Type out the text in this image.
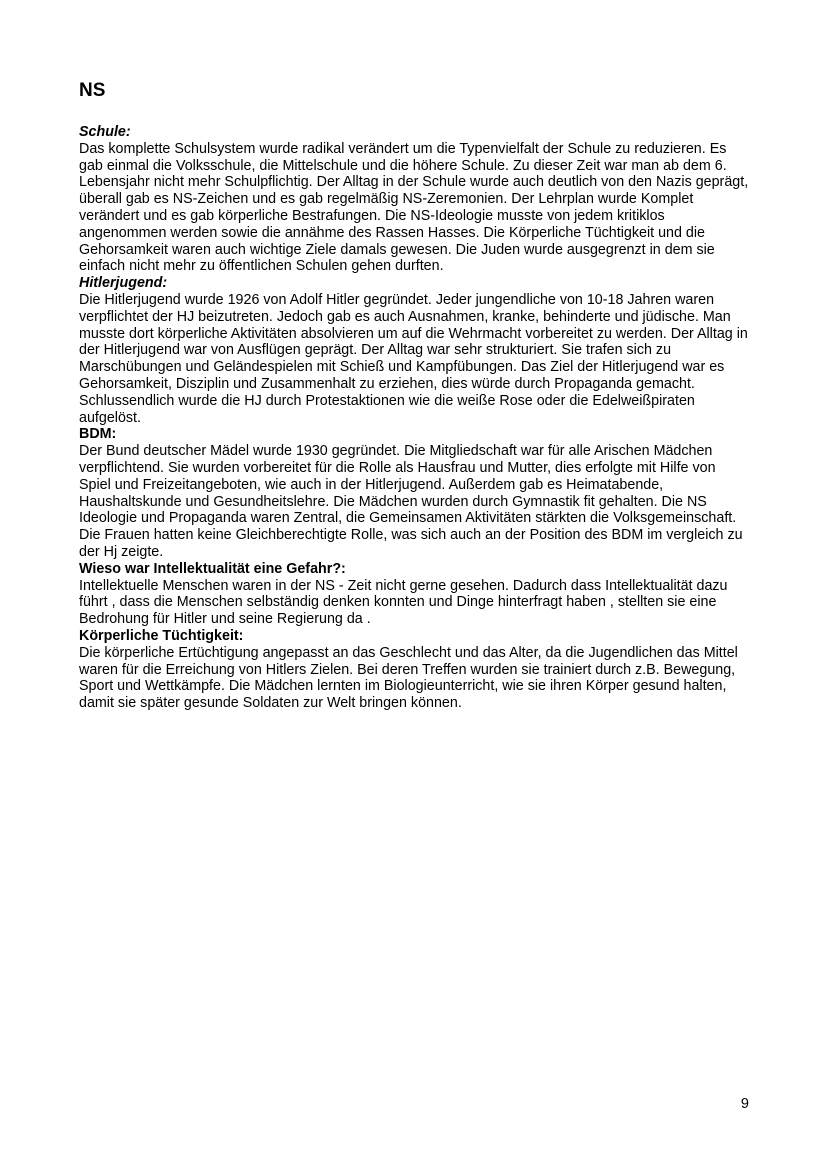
NS
Schule:

Das komplette Schulsystem wurde radikal verändert um die Typenvielfalt der Schule zu reduzieren. Es gab einmal die Volksschule, die Mittelschule und die höhere Schule. Zu dieser Zeit war man ab dem 6. Lebensjahr nicht mehr Schulpflichtig. Der Alltag in der Schule wurde auch deutlich von den Nazis geprägt, überall gab es NS-Zeichen und es gab regelmäßig NS-Zeremonien. Der Lehrplan wurde Komplet verändert und es gab körperliche Bestrafungen. Die NS-Ideologie musste von jedem kritiklos angenommen werden sowie die annähme des Rassen Hasses. Die Körperliche Tüchtigkeit und die Gehorsamkeit waren auch wichtige Ziele damals gewesen. Die Juden wurde ausgegrenzt in dem sie einfach nicht mehr zu öffentlichen Schulen gehen durften.

Hitlerjugend:

Die Hitlerjugend wurde 1926 von Adolf Hitler gegründet. Jeder jungendliche von 10-18 Jahren waren verpflichtet der HJ beizutreten. Jedoch gab es auch Ausnahmen, kranke, behinderte und jüdische. Man musste dort körperliche Aktivitäten absolvieren um auf die Wehrmacht vorbereitet zu werden. Der Alltag in der Hitlerjugend war von Ausflügen geprägt. Der Alltag war sehr strukturiert. Sie trafen sich zu Marschübungen und Geländespielen mit Schieß und Kampfübungen. Das Ziel der Hitlerjugend war es Gehorsamkeit, Disziplin und Zusammenhalt zu erziehen, dies würde durch Propaganda gemacht. Schlussendlich wurde die HJ durch Protestaktionen wie die weiße Rose oder die Edelweißpiraten aufgelöst.

BDM:

Der Bund deutscher Mädel wurde 1930 gegründet. Die Mitgliedschaft war für alle Arischen Mädchen verpflichtend. Sie wurden vorbereitet für die Rolle als Hausfrau und Mutter, dies erfolgte mit Hilfe von Spiel und Freizeitangeboten, wie auch in der Hitlerjugend. Außerdem gab es Heimatabende, Haushaltskunde und Gesundheitslehre. Die Mädchen wurden durch Gymnastik fit gehalten. Die NS Ideologie und Propaganda waren Zentral, die Gemeinsamen Aktivitäten stärkten die Volksgemeinschaft. Die Frauen hatten keine Gleichberechtigte Rolle, was sich auch an der Position des BDM im vergleich zu der Hj zeigte.

Wieso war Intellektualität eine Gefahr?:

Intellektuelle Menschen waren in der NS - Zeit nicht gerne gesehen. Dadurch dass Intellektualität dazu führt , dass die Menschen selbständig denken konnten und Dinge hinterfragt haben , stellten sie eine Bedrohung für Hitler und seine Regierung da .

Körperliche Tüchtigkeit:

Die körperliche Ertüchtigung angepasst an das Geschlecht und das Alter, da die Jugendlichen das Mittel waren für die Erreichung von Hitlers Zielen. Bei deren Treffen wurden sie trainiert durch z.B. Bewegung, Sport und Wettkämpfe. Die Mädchen lernten im Biologieunterricht, wie sie ihren Körper gesund halten, damit sie später gesunde Soldaten zur Welt bringen können.

9
